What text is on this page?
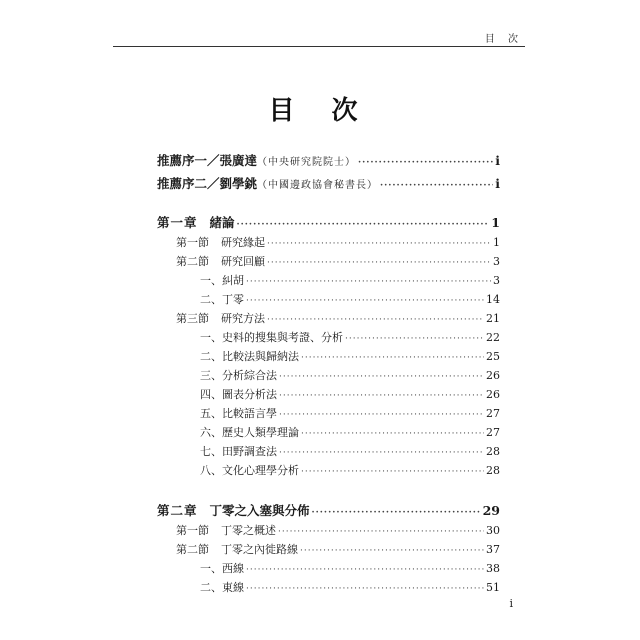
目 次
目 次
推薦序一／張廣達 （中央研究院院士） ·····	i
推薦序二／劉學銚 （中國邊政協會秘書長） ·····	i
第一章 緒論 ·····	1
第一節 研究緣起 ·····	1
第二節 研究回顧 ·····	3
一、糾胡 ·····	3
二、丁零 ·····	14
第三節 研究方法 ·····	21
一、史料的搜集與考證、分析 ·····	22
二、比較法與歸納法 ·····	25
三、分析綜合法 ·····	26
四、圖表分析法 ·····	26
五、比較語言學 ·····	27
六、歷史人類學理論 ·····	27
七、田野調查法 ·····	28
八、文化心理學分析 ·····	28
第二章 丁零之入塞與分佈 ·····	29
第一節 丁零之概述 ·····	30
第二節 丁零之內徙路線 ·····	37
一、西線 ·····	38
二、東線 ·····	51
i
